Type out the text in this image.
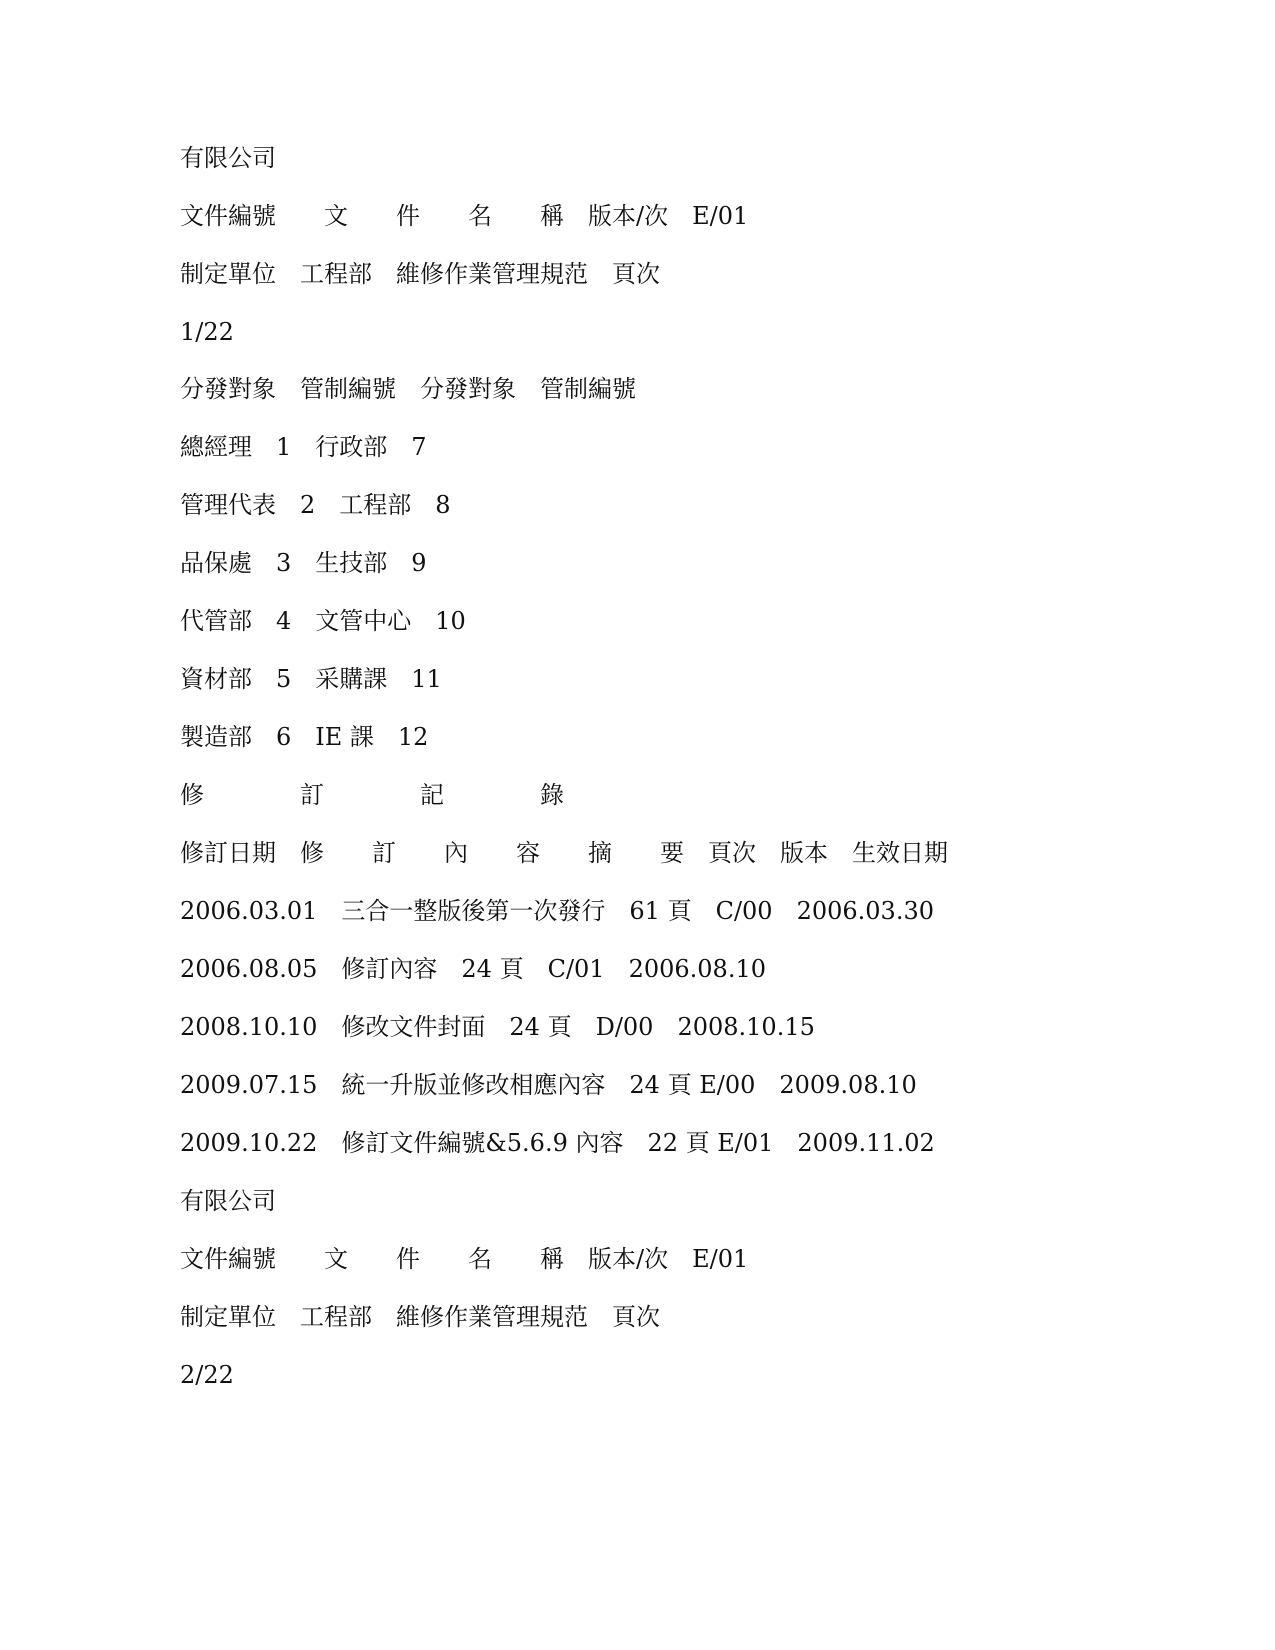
有限公司
文件編號　　文　　件　　名　　稱　版本/次　E/01
制定單位　工程部　維修作業管理規范　頁次
1/22
分發對象　管制編號　分發對象　管制編號
總經理　1　行政部　7
管理代表　2　工程部　8
品保處　3　生技部　9
代管部　4　文管中心　10
資材部　5　采購課　11
製造部　6　IE 課　12
修　　　　訂　　　　記　　　　錄
修訂日期　修　　訂　　內　　容　　摘　　要　頁次　版本　生效日期
2006.03.01　三合一整版後第一次發行　61 頁　C/00　2006.03.30
2006.08.05　修訂內容　24 頁　C/01　2006.08.10
2008.10.10　修改文件封面　24 頁　D/00　2008.10.15
2009.07.15　統一升版並修改相應內容　24 頁 E/00　2009.08.10
2009.10.22　修訂文件編號&5.6.9 內容　22 頁 E/01　2009.11.02
有限公司
文件編號　　文　　件　　名　　稱　版本/次　E/01
制定單位　工程部　維修作業管理規范　頁次
2/22
